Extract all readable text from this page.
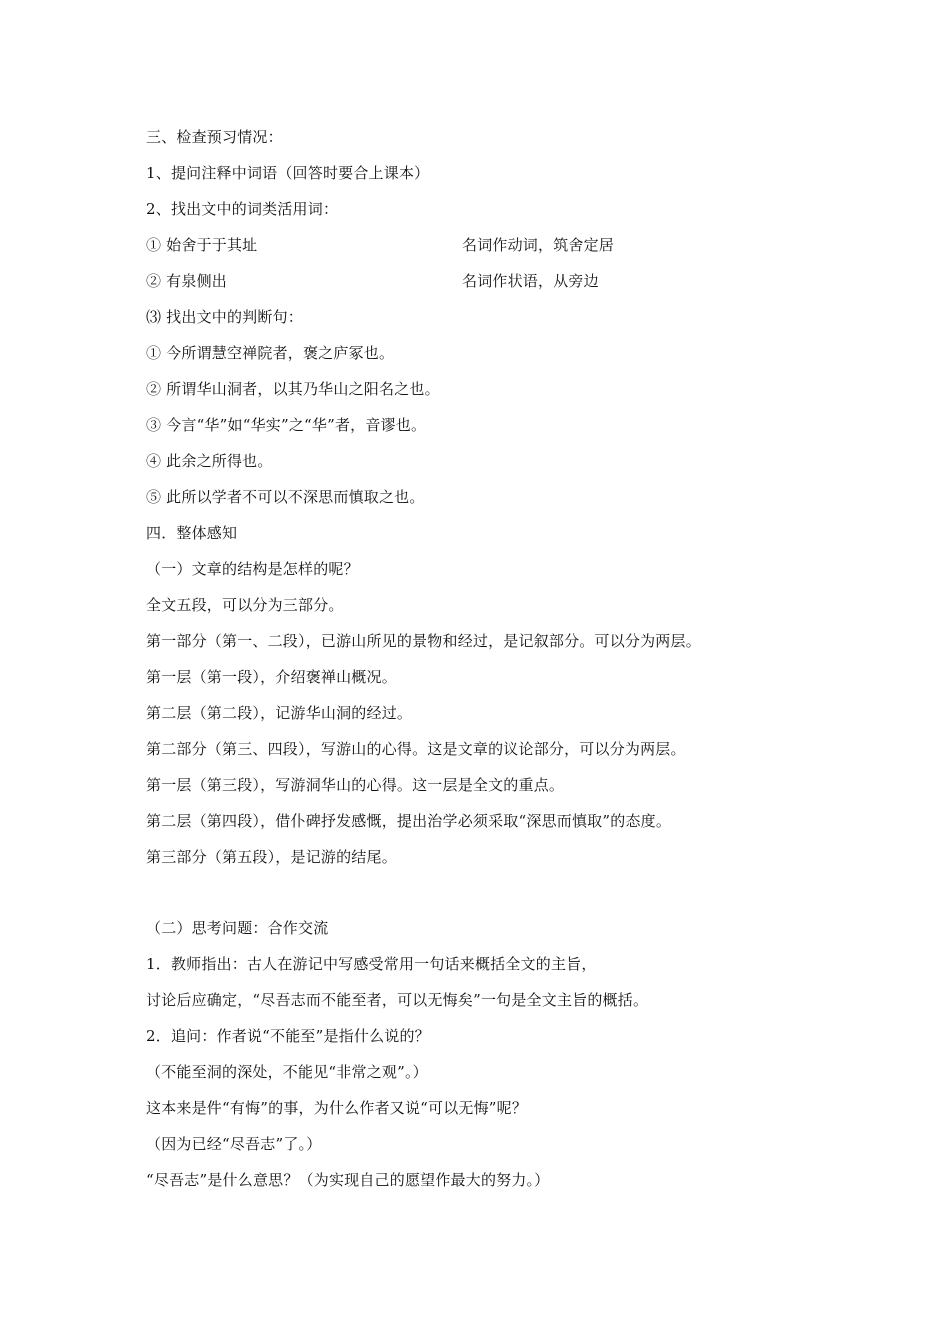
三、检查预习情况：
1、提问注释中词语（回答时要合上课本）
2、找出文中的词类活用词：
① 始舍于于其址	名词作动词，筑舍定居
② 有泉侧出	名词作状语，从旁边
⑶ 找出文中的判断句：
① 今所谓慧空禅院者，褒之庐冢也。
② 所谓华山洞者，以其乃华山之阳名之也。
③ 今言“华”如“华实”之“华”者，音谬也。
④ 此余之所得也。
⑤ 此所以学者不可以不深思而慎取之也。
四．整体感知
（一）文章的结构是怎样的呢？
全文五段，可以分为三部分。
第一部分（第一、二段），已游山所见的景物和经过，是记叙部分。可以分为两层。
第一层（第一段），介绍褒禅山概况。
第二层（第二段），记游华山洞的经过。
第二部分（第三、四段），写游山的心得。这是文章的议论部分，可以分为两层。
第一层（第三段），写游洞华山的心得。这一层是全文的重点。
第二层（第四段），借仆碑抒发感慨，提出治学必须采取“深思而慎取”的态度。
第三部分（第五段），是记游的结尾。
（二）思考问题：合作交流
1．教师指出：古人在游记中写感受常用一句话来概括全文的主旨，
讨论后应确定，“尽吾志而不能至者，可以无悔矣”一句是全文主旨的概括。
2．追问：作者说“不能至”是指什么说的？
（不能至洞的深处，不能见“非常之观”。）
这本来是件“有悔”的事，为什么作者又说“可以无悔”呢？
（因为已经“尽吾志”了。）
“尽吾志”是什么意思？（为实现自己的愿望作最大的努力。）
